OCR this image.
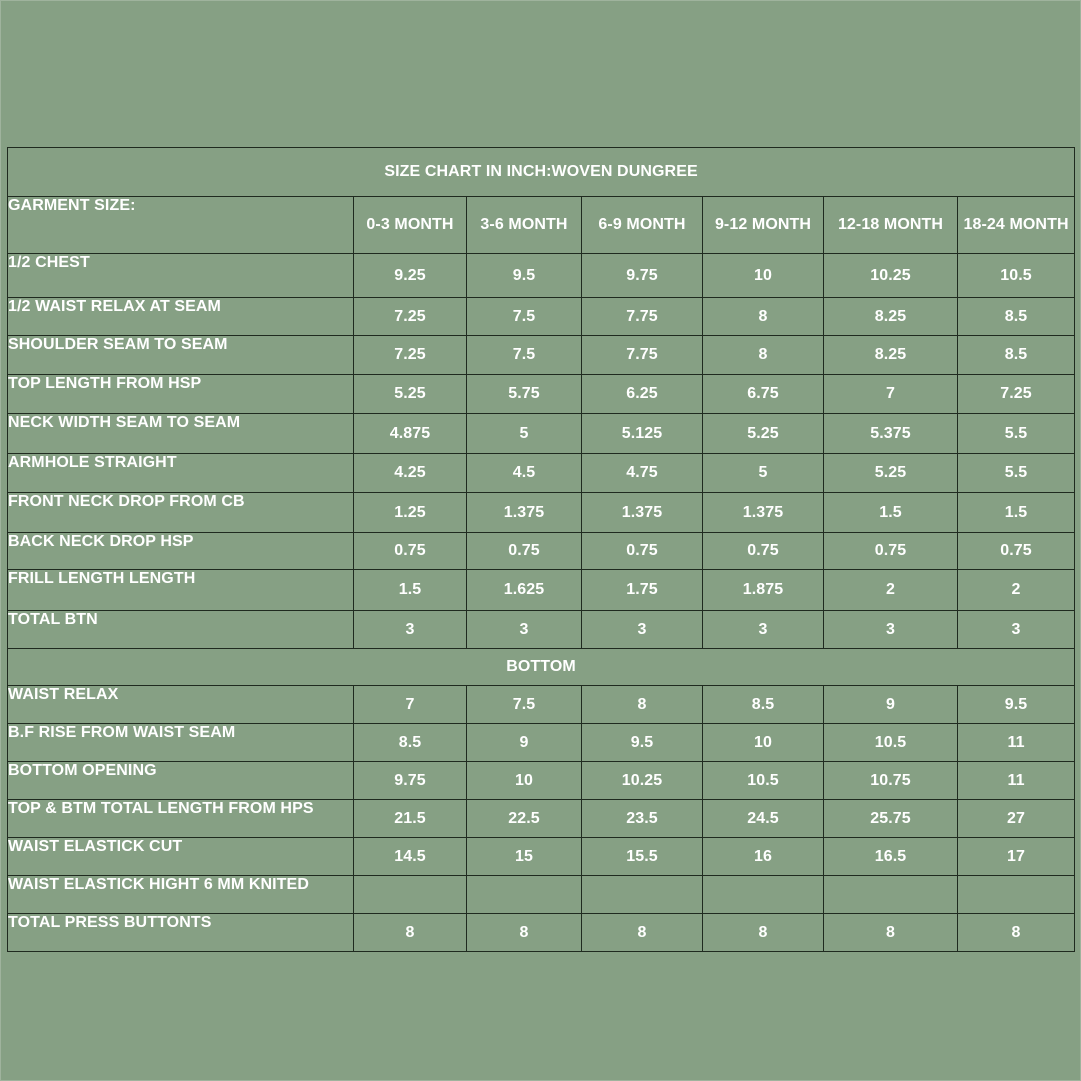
SIZE CHART IN INCH:WOVEN DUNGREE						
GARMENT SIZE:	0-3 MONTH	3-6 MONTH	6-9 MONTH	9-12 MONTH	12-18 MONTH	18-24 MONTH
1/2 CHEST	9.25	9.5	9.75	10	10.25	10.5
1/2 WAIST RELAX AT SEAM	7.25	7.5	7.75	8	8.25	8.5
SHOULDER SEAM TO SEAM	7.25	7.5	7.75	8	8.25	8.5
TOP LENGTH FROM HSP	5.25	5.75	6.25	6.75	7	7.25
NECK WIDTH SEAM TO SEAM	4.875	5	5.125	5.25	5.375	5.5
ARMHOLE STRAIGHT	4.25	4.5	4.75	5	5.25	5.5
FRONT NECK DROP FROM CB	1.25	1.375	1.375	1.375	1.5	1.5
BACK NECK DROP HSP	0.75	0.75	0.75	0.75	0.75	0.75
FRILL LENGTH LENGTH	1.5	1.625	1.75	1.875	2	2
TOTAL BTN	3	3	3	3	3	3
BOTTOM						
WAIST RELAX	7	7.5	8	8.5	9	9.5
B.F RISE FROM WAIST SEAM	8.5	9	9.5	10	10.5	11
BOTTOM OPENING	9.75	10	10.25	10.5	10.75	11
TOP & BTM TOTAL LENGTH FROM HPS	21.5	22.5	23.5	24.5	25.75	27
WAIST ELASTICK CUT	14.5	15	15.5	16	16.5	17
WAIST ELASTICK HIGHT 6 MM KNITED						
TOTAL PRESS BUTTONTS	8	8	8	8	8	8
